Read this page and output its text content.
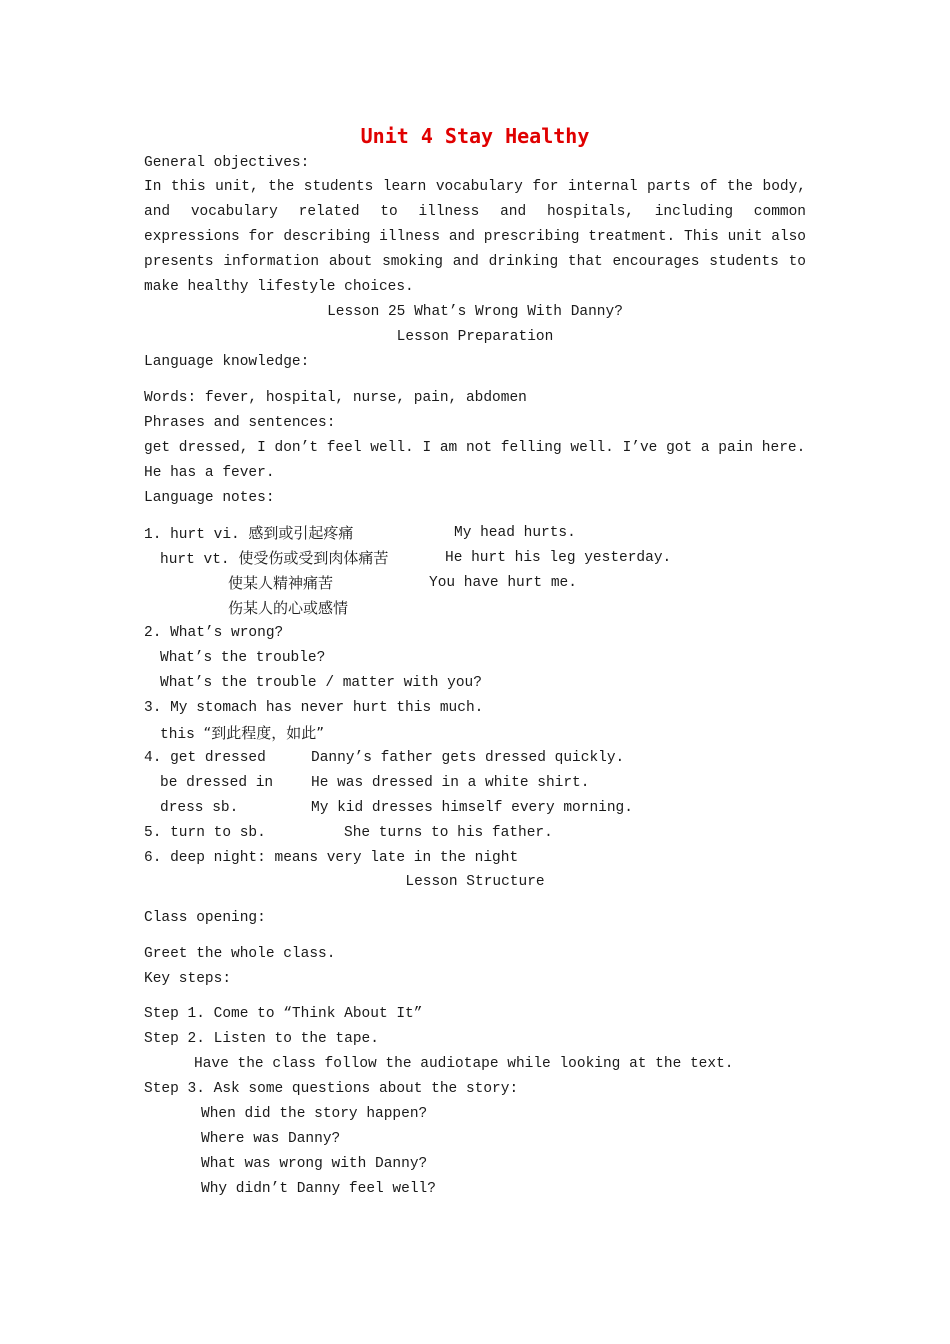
Unit 4 Stay Healthy
General objectives:
In this unit, the students learn vocabulary for internal parts of the body, and vocabulary related to illness and hospitals, including common expressions for describing illness and prescribing treatment. This unit also presents information about smoking and drinking that encourages students to make healthy lifestyle choices.
Lesson 25 What’s Wrong With Danny?
Lesson Preparation
Language knowledge:
Words: fever, hospital, nurse, pain, abdomen
Phrases and sentences:
get dressed, I don’t feel well. I am not felling well. I’ve got a pain here.
He has a fever.
Language notes:
1. hurt vi. 感到或引起疼痛	My head hurts.
hurt vt. 使受伤或受到肉体痛苦	He hurt his leg yesterday.
使某人精神痛苦	You have hurt me.
伤某人的心或感情
2. What’s wrong?
What’s the trouble?
What’s the trouble / matter with you?
3. My stomach has never hurt this much.
this “到此程度，如此”
4. get dressed	Danny’s father gets dressed quickly.
be dressed in	He was dressed in a white shirt.
dress sb.	My kid dresses himself every morning.
5. turn to sb.	She turns to his father.
6. deep night: means very late in the night
Lesson Structure
Class opening:
Greet the whole class.
Key steps:
Step 1. Come to “Think About It”
Step 2. Listen to the tape.
Have the class follow the audiotape while looking at the text.
Step 3. Ask some questions about the story:
When did the story happen?
Where was Danny?
What was wrong with Danny?
Why didn’t Danny feel well?
